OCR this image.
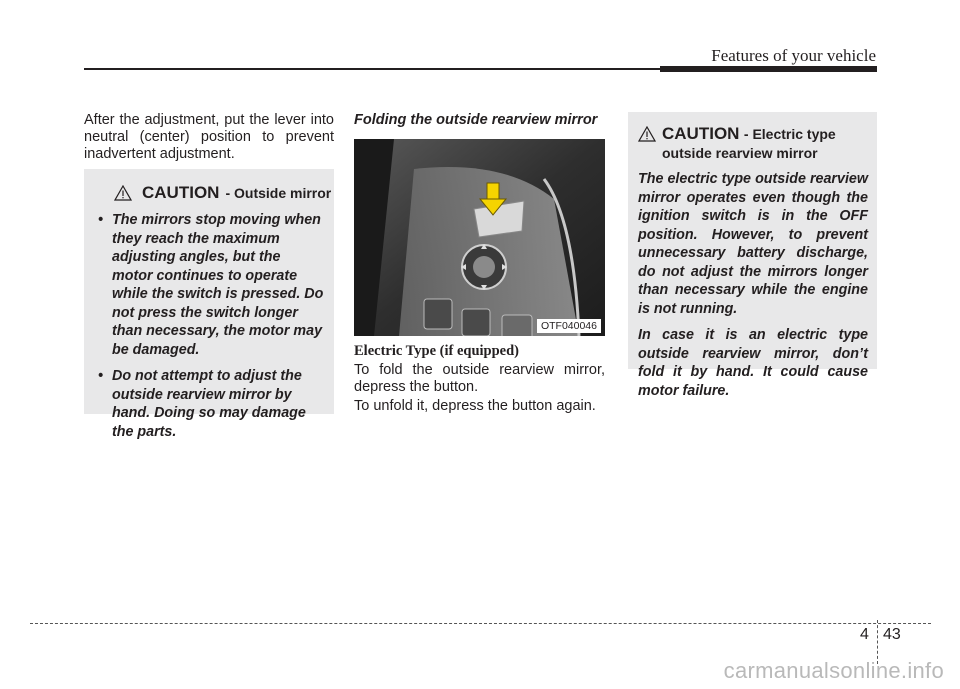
Features of your vehicle

After the adjustment, put the lever into neutral (center) position to prevent inadvertent adjustment.

CAUTION - Outside mirror
• The mirrors stop moving when they reach the maximum adjusting angles, but the motor continues to operate while the switch is pressed. Do not press the switch longer than necessary, the motor may be damaged.
• Do not attempt to adjust the outside rearview mirror by hand. Doing so may damage the parts.
Folding the outside rearview mirror
OTF040046
Electric Type (if equipped)

To fold the outside rearview mirror, depress the button.

To unfold it, depress the button again.

CAUTION - Electric type
outside rearview mirror

The electric type outside rearview mirror operates even though the ignition switch is in the OFF position. However, to prevent unnecessary battery discharge, do not adjust the mirrors longer than necessary while the engine is not running.

In case it is an electric type outside rearview mirror, don’t fold it by hand. It could cause motor failure.

4 43
carmanualsonline.info
